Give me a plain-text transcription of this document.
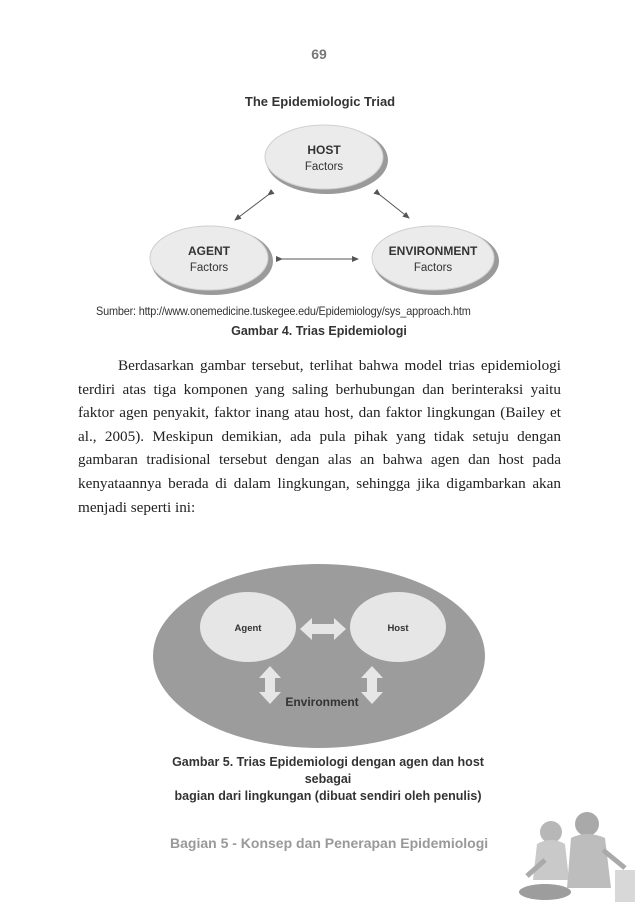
69
The Epidemiologic Triad
HOST
Factors
AGENT
Factors
ENVIRONMENT
Factors
Sumber: http://www.onemedicine.tuskegee.edu/Epidemiology/sys_approach.htm
Gambar 4. Trias Epidemiologi

Berdasarkan gambar tersebut, terlihat bahwa model trias epidemiologi terdiri atas tiga komponen yang saling berhubungan dan berinteraksi yaitu faktor agen penyakit, faktor inang atau host, dan faktor lingkungan (Bailey et al., 2005). Meskipun demikian, ada pula pihak yang tidak setuju dengan gambaran tradisional tersebut dengan alas an bahwa agen dan host pada kenyataannya berada di dalam lingkungan, sehingga jika digambarkan akan menjadi seperti ini:

Agent	Host
Environment
Gambar 5. Trias Epidemiologi dengan agen dan host sebagai
bagian dari lingkungan (dibuat sendiri oleh penulis)
Bagian 5 - Konsep dan Penerapan Epidemiologi
